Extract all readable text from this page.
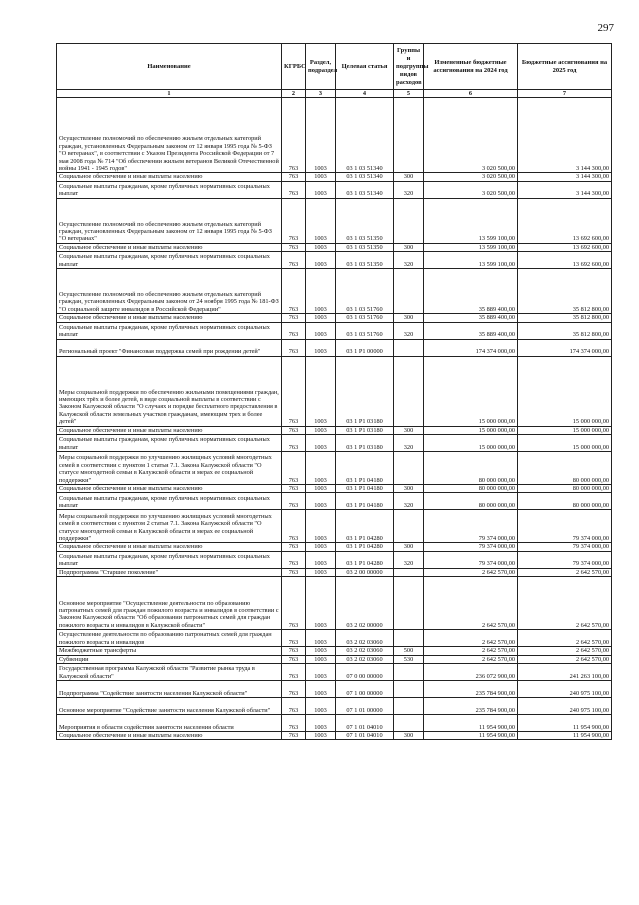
297
Наименование	КГРБС	Раздел, подраздел	Целевая статья	Группы и подгруппы видов расходов	Измененные бюджетные ассигнования на 2024 год	Бюджетные ассигнования на 2025 год
1	2	3	4	5	6	7
Осуществление полномочий по обеспечению жильем отдельных категорий граждан, установленных Федеральным законом от 12 января 1995 года № 5-ФЗ "О ветеранах", в соответствии с Указом Президента Российской Федерации от 7 мая 2008 года № 714 "Об обеспечении жильем ветеранов Великой Отечественной войны 1941 - 1945 годов"	763	1003	03 1 03 51340		3 020 500,00	3 144 300,00
Социальное обеспечение и иные выплаты населению	763	1003	03 1 03 51340	300	3 020 500,00	3 144 300,00
Социальные выплаты гражданам, кроме публичных нормативных социальных выплат	763	1003	03 1 03 51340	320	3 020 500,00	3 144 300,00
Осуществление полномочий по обеспечению жильем отдельных категорий граждан, установленных Федеральным законом от 12 января 1995 года № 5-ФЗ "О ветеранах"	763	1003	03 1 03 51350		13 599 100,00	13 692 600,00
Социальное обеспечение и иные выплаты населению	763	1003	03 1 03 51350	300	13 599 100,00	13 692 600,00
Социальные выплаты гражданам, кроме публичных нормативных социальных выплат	763	1003	03 1 03 51350	320	13 599 100,00	13 692 600,00
Осуществление полномочий по обеспечению жильем отдельных категорий граждан, установленных Федеральным законом от 24 ноября 1995 года № 181-ФЗ "О социальной защите инвалидов в Российской Федерации"	763	1003	03 1 03 51760		35 889 400,00	35 812 800,00
Социальное обеспечение и иные выплаты населению	763	1003	03 1 03 51760	300	35 889 400,00	35 812 800,00
Социальные выплаты гражданам, кроме публичных нормативных социальных выплат	763	1003	03 1 03 51760	320	35 889 400,00	35 812 800,00
Региональный проект "Финансовая поддержка семей при рождении детей"	763	1003	03 1 P1 00000		174 374 000,00	174 374 000,00
Меры социальной поддержки по обеспечению жильными помещениями граждан, имеющих трёх и более детей, в виде социальной выплаты в соответствии с Законом Калужской области "О случаях и порядке бесплатного предоставления в Калужской области земельных участков гражданам, имеющим трех и более детей"	763	1003	03 1 P1 03180		15 000 000,00	15 000 000,00
Социальное обеспечение и иные выплаты населению	763	1003	03 1 P1 03180	300	15 000 000,00	15 000 000,00
Социальные выплаты гражданам, кроме публичных нормативных социальных выплат	763	1003	03 1 P1 03180	320	15 000 000,00	15 000 000,00
Меры социальной поддержки по улучшению жилищных условий многодетных семей в соответствии с пунктом 1 статьи 7.1. Закона Калужской области "О статусе многодетной семьи в Калужской области и мерах ее социальной поддержки"	763	1003	03 1 P1 04180		80 000 000,00	80 000 000,00
Социальное обеспечение и иные выплаты населению	763	1003	03 1 P1 04180	300	80 000 000,00	80 000 000,00
Социальные выплаты гражданам, кроме публичных нормативных социальных выплат	763	1003	03 1 P1 04180	320	80 000 000,00	80 000 000,00
Меры социальной поддержки по улучшению жилищных условий многодетных семей в соответствии с пунктом 2 статьи 7.1. Закона Калужской области "О статусе многодетной семьи в Калужской области и мерах ее социальной поддержки"	763	1003	03 1 P1 04280		79 374 000,00	79 374 000,00
Социальное обеспечение и иные выплаты населению	763	1003	03 1 P1 04280	300	79 374 000,00	79 374 000,00
Социальные выплаты гражданам, кроме публичных нормативных социальных выплат	763	1003	03 1 P1 04280	320	79 374 000,00	79 374 000,00
Подпрограмма "Старшее поколение"	763	1003	03 2 00 00000		2 642 570,00	2 642 570,00
Основное мероприятие "Осуществление деятельности по образованию патронатных семей для граждан пожилого возраста и инвалидов в соответствии с Законом Калужской области "Об образовании патронатных семей для граждан пожилого возраста и инвалидов в Калужской области"	763	1003	03 2 02 00000		2 642 570,00	2 642 570,00
Осуществление деятельности по образованию патронатных семей для граждан пожилого возраста и инвалидов	763	1003	03 2 02 03060		2 642 570,00	2 642 570,00
Межбюджетные трансферты	763	1003	03 2 02 03060	500	2 642 570,00	2 642 570,00
Субвенции	763	1003	03 2 02 03060	530	2 642 570,00	2 642 570,00
Государственная программа Калужской области "Развитие рынка труда в Калужской области"	763	1003	07 0 00 00000		236 072 900,00	241 263 100,00
Подпрограмма "Содействие занятости населения Калужской области"	763	1003	07 1 00 00000		235 784 900,00	240 975 100,00
Основное мероприятие "Содействие занятости населения Калужской области"	763	1003	07 1 01 00000		235 784 900,00	240 975 100,00
Мероприятия в области содействия занятости населения области	763	1003	07 1 01 04010		11 954 900,00	11 954 900,00
Социальное обеспечение и иные выплаты населению	763	1003	07 1 01 04010	300	11 954 900,00	11 954 900,00
